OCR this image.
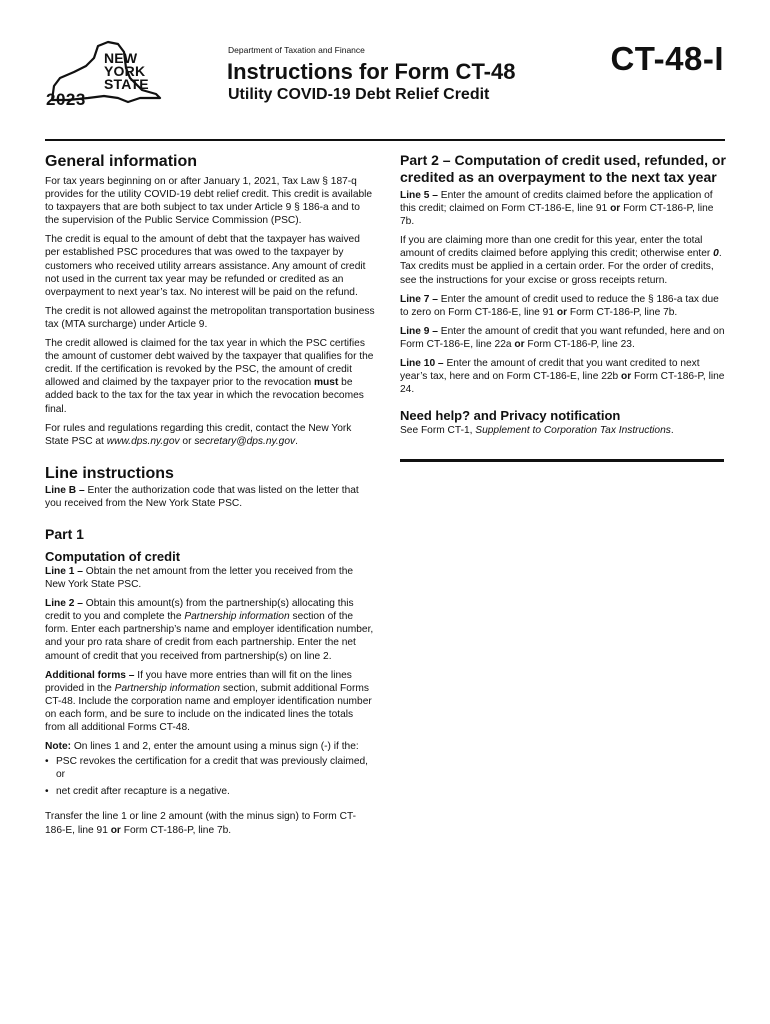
NEW
YORK
STATE
2023
Department of Taxation and Finance
Instructions for Form CT-48
Utility COVID-19 Debt Relief Credit
CT-48-I
General information

For tax years beginning on or after January 1, 2021, Tax Law § 187-q provides for the utility COVID-19 debt relief credit. This credit is available to taxpayers that are both subject to tax under Article 9 § 186-a and to the supervision of the Public Service Commission (PSC).

The credit is equal to the amount of debt that the taxpayer has waived per established PSC procedures that was owed to the taxpayer by customers who received utility arrears assistance. Any amount of credit not used in the current tax year may be refunded or credited as an overpayment to next year’s tax. No interest will be paid on the refund.

The credit is not allowed against the metropolitan transportation business tax (MTA surcharge) under Article 9.

The credit allowed is claimed for the tax year in which the PSC certifies the amount of customer debt waived by the taxpayer that qualifies for the credit. If the certification is revoked by the PSC, the amount of credit allowed and claimed by the taxpayer prior to the revocation must be added back to the tax for the tax year in which the revocation becomes final.

For rules and regulations regarding this credit, contact the New York State PSC at www.dps.ny.gov or secretary@dps.ny.gov.

Line instructions

Line B – Enter the authorization code that was listed on the letter that you received from the New York State PSC.

Part 1
Computation of credit

Line 1 – Obtain the net amount from the letter you received from the New York State PSC.

Line 2 – Obtain this amount(s) from the partnership(s) allocating this credit to you and complete the Partnership information section of the form. Enter each partnership’s name and employer identification number, and your pro rata share of credit from each partnership. Enter the net amount of credit that you received from partnership(s) on line 2.

Additional forms – If you have more entries than will fit on the lines provided in the Partnership information section, submit additional Forms CT-48. Include the corporation name and employer identification number on each form, and be sure to include on the indicated lines the totals from all additional Forms CT-48.

Note: On lines 1 and 2, enter the amount using a minus sign (-) if the:

• PSC revokes the certification for a credit that was previously claimed, or
• net credit after recapture is a negative.

Transfer the line 1 or line 2 amount (with the minus sign) to Form CT-186-E, line 91 or Form CT-186-P, line 7b.

Part 2 – Computation of credit used, refunded, or credited as an overpayment to the next tax year

Line 5 – Enter the amount of credits claimed before the application of this credit; claimed on Form CT-186-E, line 91 or Form CT-186-P, line 7b.

If you are claiming more than one credit for this year, enter the total amount of credits claimed before applying this credit; otherwise enter 0. Tax credits must be applied in a certain order. For the order of credits, see the instructions for your excise or gross receipts return.

Line 7 – Enter the amount of credit used to reduce the § 186-a tax due to zero on Form CT-186-E, line 91 or Form CT-186-P, line 7b.

Line 9 – Enter the amount of credit that you want refunded, here and on Form CT-186-E, line 22a or Form CT-186-P, line 23.

Line 10 – Enter the amount of credit that you want credited to next year’s tax, here and on Form CT-186-E, line 22b or Form CT-186-P, line 24.

Need help? and Privacy notification

See Form CT-1, Supplement to Corporation Tax Instructions.
